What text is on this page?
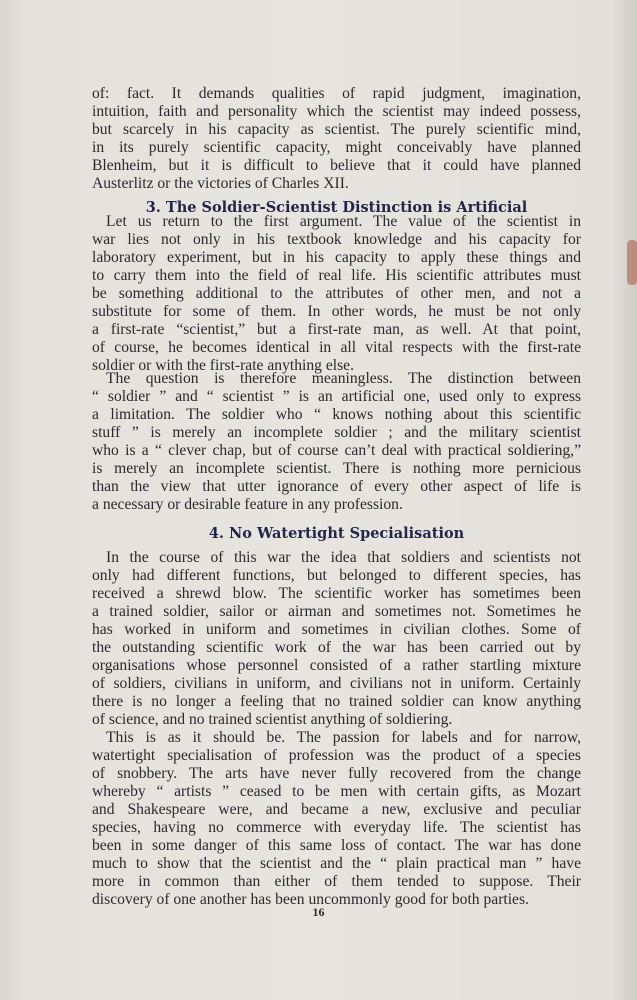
of: fact. It demands qualities of rapid judgment, imagination,
intuition, faith and personality which the scientist may indeed possess,
but scarcely in his capacity as scientist. The purely scientific mind,
in its purely scientific capacity, might conceivably have planned
Blenheim, but it is difficult to believe that it could have planned
Austerlitz or the victories of Charles XII.
3. The Soldier-Scientist Distinction is Artificial
Let us return to the first argument. The value of the scientist in
war lies not only in his textbook knowledge and his capacity for
laboratory experiment, but in his capacity to apply these things and
to carry them into the field of real life. His scientific attributes must
be something additional to the attributes of other men, and not a
substitute for some of them. In other words, he must be not only
a first-rate “scientist,” but a first-rate man, as well. At that point,
of course, he becomes identical in all vital respects with the first-rate
soldier or with the first-rate anything else.
The question is therefore meaningless. The distinction between
“ soldier ” and “ scientist ” is an artificial one, used only to express
a limitation. The soldier who “ knows nothing about this scientific
stuff ” is merely an incomplete soldier ; and the military scientist
who is a “ clever chap, but of course can’t deal with practical soldiering,”
is merely an incomplete scientist. There is nothing more pernicious
than the view that utter ignorance of every other aspect of life is
a necessary or desirable feature in any profession.
4. No Watertight Specialisation
In the course of this war the idea that soldiers and scientists not
only had different functions, but belonged to different species, has
received a shrewd blow. The scientific worker has sometimes been
a trained soldier, sailor or airman and sometimes not. Sometimes he
has worked in uniform and sometimes in civilian clothes. Some of
the outstanding scientific work of the war has been carried out by
organisations whose personnel consisted of a rather startling mixture
of soldiers, civilians in uniform, and civilians not in uniform. Certainly
there is no longer a feeling that no trained soldier can know anything
of science, and no trained scientist anything of soldiering.
This is as it should be. The passion for labels and for narrow,
watertight specialisation of profession was the product of a species
of snobbery. The arts have never fully recovered from the change
whereby “ artists ” ceased to be men with certain gifts, as Mozart
and Shakespeare were, and became a new, exclusive and peculiar
species, having no commerce with everyday life. The scientist has
been in some danger of this same loss of contact. The war has done
much to show that the scientist and the “ plain practical man ” have
more in common than either of them tended to suppose. Their
discovery of one another has been uncommonly good for both parties.
16
